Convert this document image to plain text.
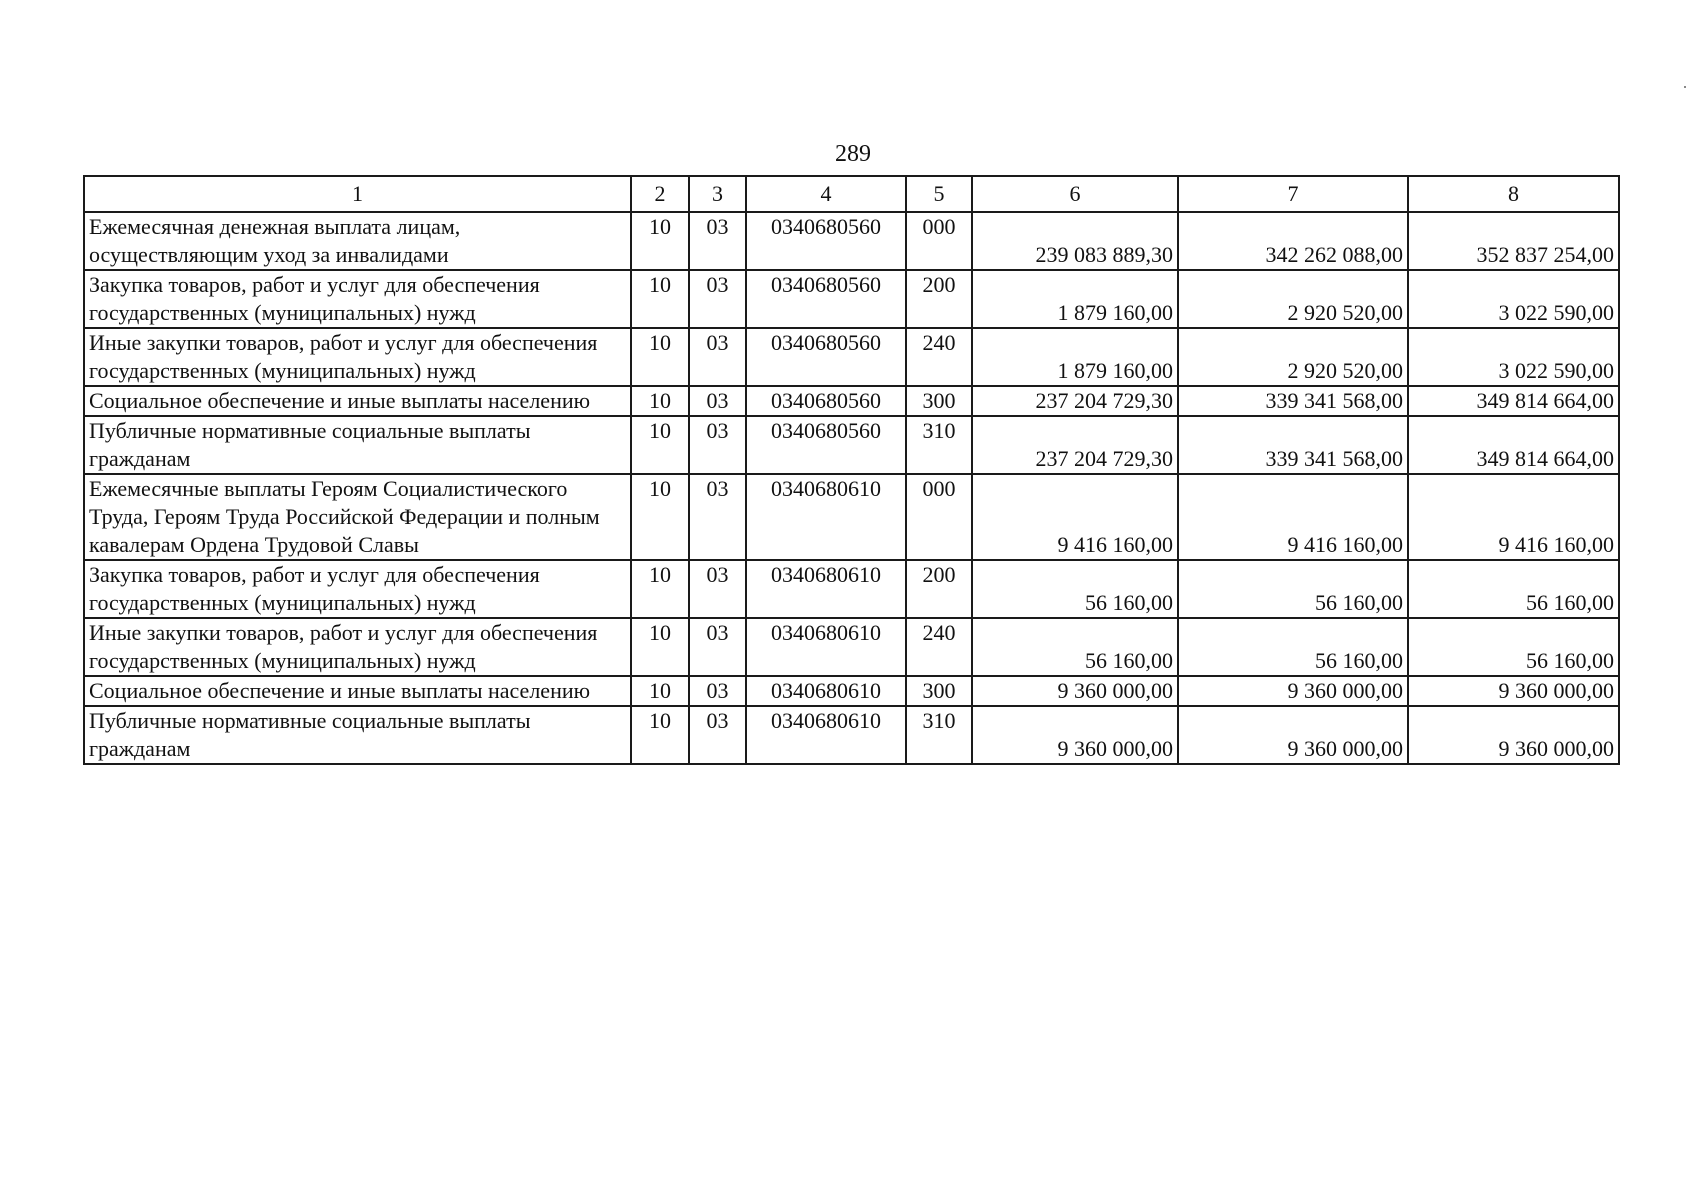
289
1	2	3	4	5	6	7	8
Ежемесячная денежная выплата лицам, осуществляющим уход за инвалидами	10	03	0340680560	000	239 083 889,30	342 262 088,00	352 837 254,00
Закупка товаров, работ и услуг для обеспечения государственных (муниципальных) нужд	10	03	0340680560	200	1 879 160,00	2 920 520,00	3 022 590,00
Иные закупки товаров, работ и услуг для обеспечения государственных (муниципальных) нужд	10	03	0340680560	240	1 879 160,00	2 920 520,00	3 022 590,00
Социальное обеспечение и иные выплаты населению	10	03	0340680560	300	237 204 729,30	339 341 568,00	349 814 664,00
Публичные нормативные социальные выплаты гражданам	10	03	0340680560	310	237 204 729,30	339 341 568,00	349 814 664,00
Ежемесячные выплаты Героям Социалистического Труда, Героям Труда Российской Федерации и полным кавалерам Ордена Трудовой Славы	10	03	0340680610	000	9 416 160,00	9 416 160,00	9 416 160,00
Закупка товаров, работ и услуг для обеспечения государственных (муниципальных) нужд	10	03	0340680610	200	56 160,00	56 160,00	56 160,00
Иные закупки товаров, работ и услуг для обеспечения государственных (муниципальных) нужд	10	03	0340680610	240	56 160,00	56 160,00	56 160,00
Социальное обеспечение и иные выплаты населению	10	03	0340680610	300	9 360 000,00	9 360 000,00	9 360 000,00
Публичные нормативные социальные выплаты гражданам	10	03	0340680610	310	9 360 000,00	9 360 000,00	9 360 000,00
